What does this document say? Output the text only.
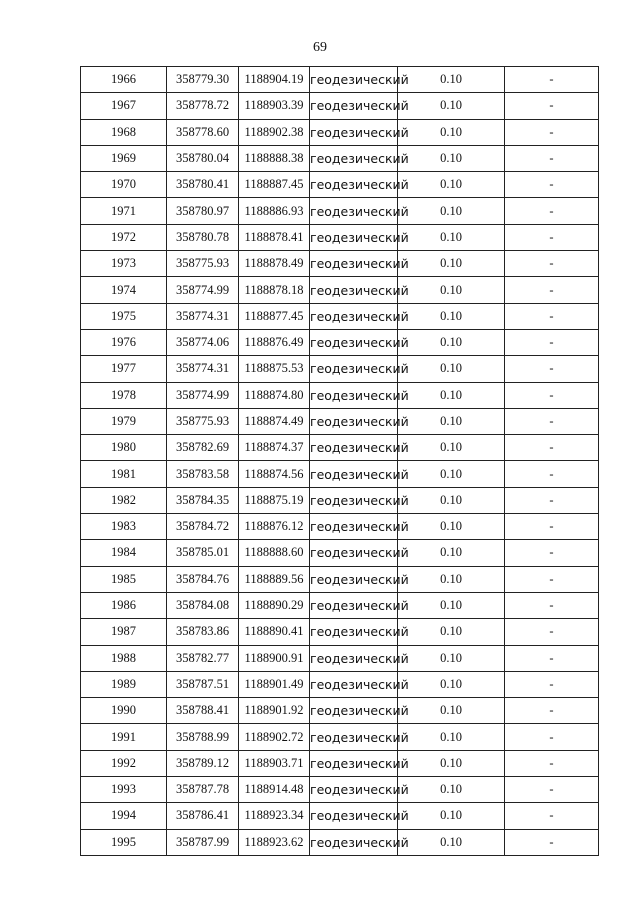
69
1966	358779.30	1188904.19	геодезический	0.10	-
1967	358778.72	1188903.39	геодезический	0.10	-
1968	358778.60	1188902.38	геодезический	0.10	-
1969	358780.04	1188888.38	геодезический	0.10	-
1970	358780.41	1188887.45	геодезический	0.10	-
1971	358780.97	1188886.93	геодезический	0.10	-
1972	358780.78	1188878.41	геодезический	0.10	-
1973	358775.93	1188878.49	геодезический	0.10	-
1974	358774.99	1188878.18	геодезический	0.10	-
1975	358774.31	1188877.45	геодезический	0.10	-
1976	358774.06	1188876.49	геодезический	0.10	-
1977	358774.31	1188875.53	геодезический	0.10	-
1978	358774.99	1188874.80	геодезический	0.10	-
1979	358775.93	1188874.49	геодезический	0.10	-
1980	358782.69	1188874.37	геодезический	0.10	-
1981	358783.58	1188874.56	геодезический	0.10	-
1982	358784.35	1188875.19	геодезический	0.10	-
1983	358784.72	1188876.12	геодезический	0.10	-
1984	358785.01	1188888.60	геодезический	0.10	-
1985	358784.76	1188889.56	геодезический	0.10	-
1986	358784.08	1188890.29	геодезический	0.10	-
1987	358783.86	1188890.41	геодезический	0.10	-
1988	358782.77	1188900.91	геодезический	0.10	-
1989	358787.51	1188901.49	геодезический	0.10	-
1990	358788.41	1188901.92	геодезический	0.10	-
1991	358788.99	1188902.72	геодезический	0.10	-
1992	358789.12	1188903.71	геодезический	0.10	-
1993	358787.78	1188914.48	геодезический	0.10	-
1994	358786.41	1188923.34	геодезический	0.10	-
1995	358787.99	1188923.62	геодезический	0.10	-
